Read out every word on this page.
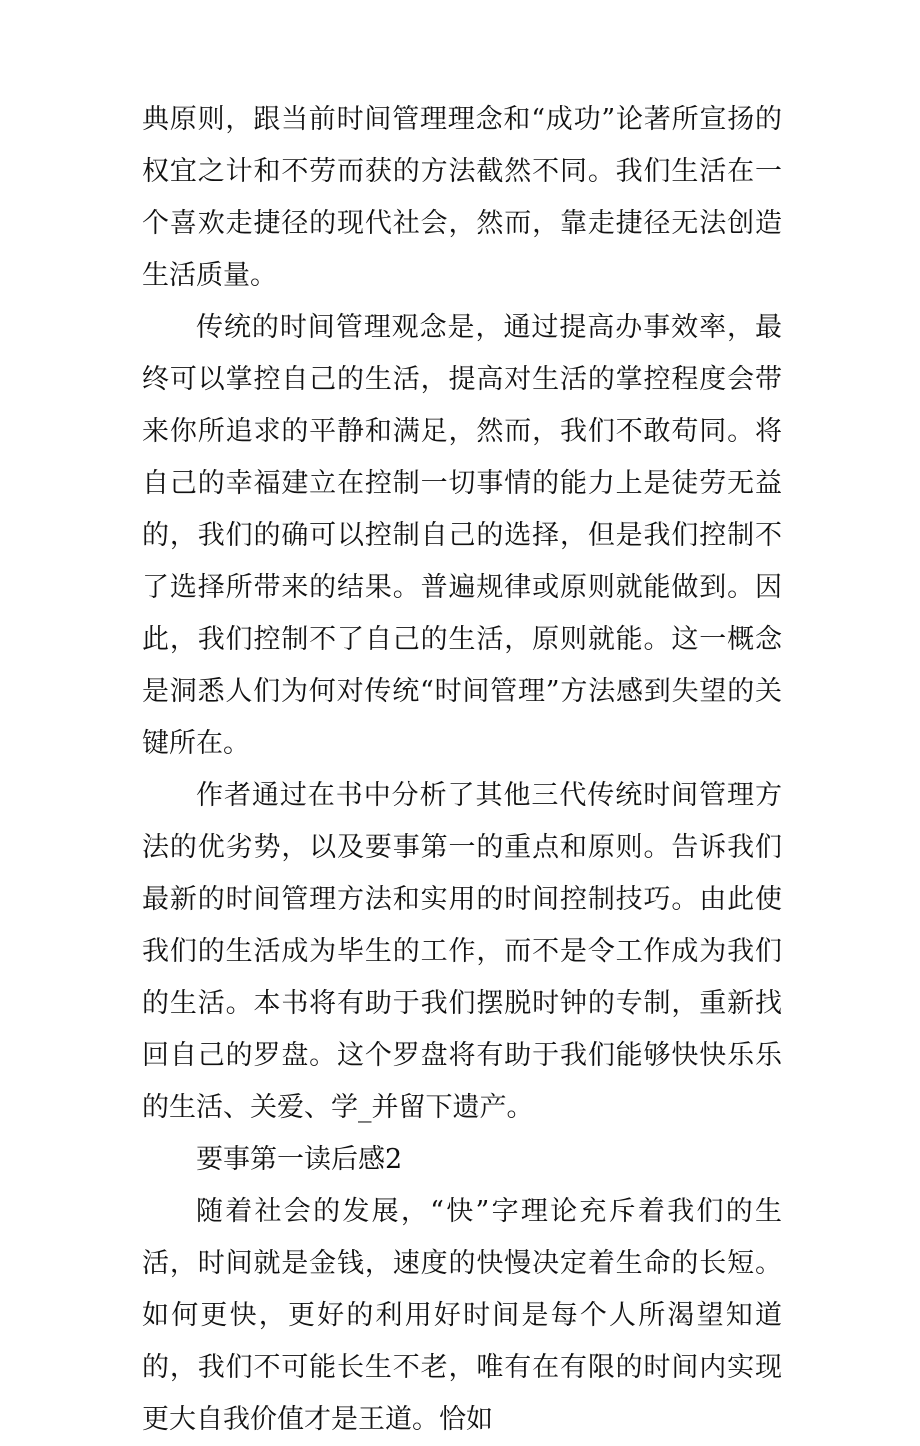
典原则，跟当前时间管理理念和“成功”论著所宣扬的权宜之计和不劳而获的方法截然不同。我们生活在一个喜欢走捷径的现代社会，然而，靠走捷径无法创造生活质量。

传统的时间管理观念是，通过提高办事效率，最终可以掌控自己的生活，提高对生活的掌控程度会带来你所追求的平静和满足，然而，我们不敢苟同。将自己的幸福建立在控制一切事情的能力上是徒劳无益的，我们的确可以控制自己的选择，但是我们控制不了选择所带来的结果。普遍规律或原则就能做到。因此，我们控制不了自己的生活，原则就能。这一概念是洞悉人们为何对传统“时间管理”方法感到失望的关键所在。

作者通过在书中分析了其他三代传统时间管理方法的优劣势，以及要事第一的重点和原则。告诉我们最新的时间管理方法和实用的时间控制技巧。由此使我们的生活成为毕生的工作，而不是令工作成为我们的生活。本书将有助于我们摆脱时钟的专制，重新找回自己的罗盘。这个罗盘将有助于我们能够快快乐乐的生活、关爱、学_并留下遗产。

要事第一读后感2

随着社会的发展，“快”字理论充斥着我们的生活，时间就是金钱，速度的快慢决定着生命的长短。如何更快，更好的利用好时间是每个人所渴望知道的，我们不可能长生不老，唯有在有限的时间内实现更大自我价值才是王道。恰如
